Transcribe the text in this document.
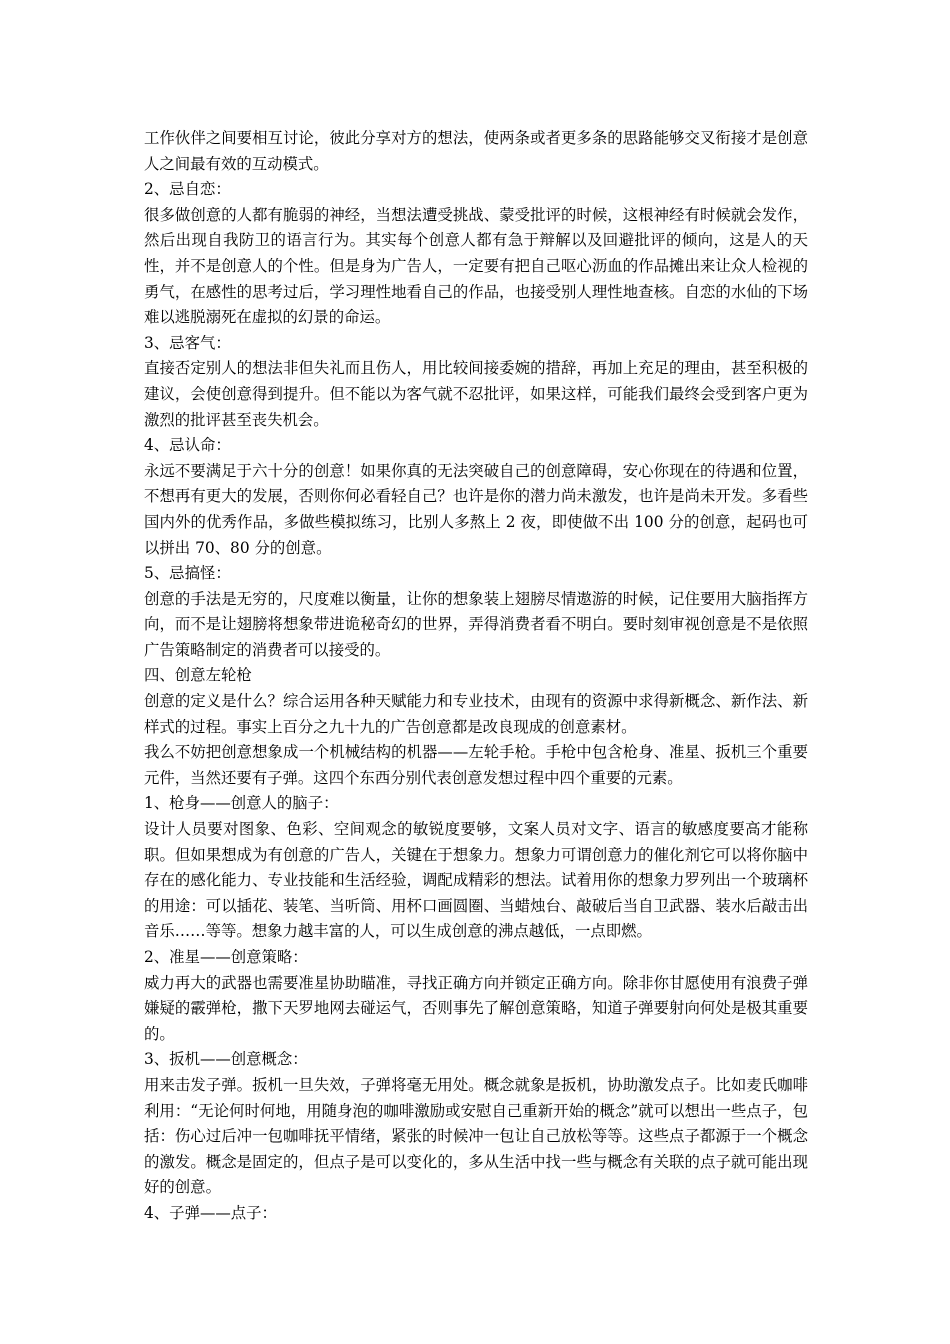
工作伙伴之间要相互讨论，彼此分享对方的想法，使两条或者更多条的思路能够交叉衔接才是创意人之间最有效的互动模式。

2、忌自恋：

很多做创意的人都有脆弱的神经，当想法遭受挑战、蒙受批评的时候，这根神经有时候就会发作，然后出现自我防卫的语言行为。其实每个创意人都有急于辩解以及回避批评的倾向，这是人的天性，并不是创意人的个性。但是身为广告人，一定要有把自己呕心沥血的作品摊出来让众人检视的勇气，在感性的思考过后，学习理性地看自己的作品，也接受别人理性地查核。自恋的水仙的下场难以逃脱溺死在虚拟的幻景的命运。

3、忌客气：

直接否定别人的想法非但失礼而且伤人，用比较间接委婉的措辞，再加上充足的理由，甚至积极的建议，会使创意得到提升。但不能以为客气就不忍批评，如果这样，可能我们最终会受到客户更为激烈的批评甚至丧失机会。

4、忌认命：

永远不要满足于六十分的创意！如果你真的无法突破自己的创意障碍，安心你现在的待遇和位置，不想再有更大的发展，否则你何必看轻自己？也许是你的潜力尚未激发，也许是尚未开发。多看些国内外的优秀作品，多做些模拟练习，比别人多熬上 2 夜，即使做不出 100 分的创意，起码也可以拼出 70、80 分的创意。

5、忌搞怪：

创意的手法是无穷的，尺度难以衡量，让你的想象装上翅膀尽情遨游的时候，记住要用大脑指挥方向，而不是让翅膀将想象带进诡秘奇幻的世界，弄得消费者看不明白。要时刻审视创意是不是依照广告策略制定的消费者可以接受的。

四、创意左轮枪

创意的定义是什么？综合运用各种天赋能力和专业技术，由现有的资源中求得新概念、新作法、新样式的过程。事实上百分之九十九的广告创意都是改良现成的创意素材。

我么不妨把创意想象成一个机械结构的机器——左轮手枪。手枪中包含枪身、准星、扳机三个重要元件，当然还要有子弹。这四个东西分别代表创意发想过程中四个重要的元素。

1、枪身——创意人的脑子：

设计人员要对图象、色彩、空间观念的敏锐度要够，文案人员对文字、语言的敏感度要高才能称职。但如果想成为有创意的广告人，关键在于想象力。想象力可谓创意力的催化剂它可以将你脑中存在的感化能力、专业技能和生活经验，调配成精彩的想法。试着用你的想象力罗列出一个玻璃杯的用途：可以插花、装笔、当听筒、用杯口画圆圈、当蜡烛台、敲破后当自卫武器、装水后敲击出音乐……等等。想象力越丰富的人，可以生成创意的沸点越低，一点即燃。

2、准星——创意策略：

威力再大的武器也需要准星协助瞄准，寻找正确方向并锁定正确方向。除非你甘愿使用有浪费子弹嫌疑的霰弹枪，撒下天罗地网去碰运气，否则事先了解创意策略，知道子弹要射向何处是极其重要的。

3、扳机——创意概念：

用来击发子弹。扳机一旦失效，子弹将毫无用处。概念就象是扳机，协助激发点子。比如麦氏咖啡利用：“无论何时何地，用随身泡的咖啡激励或安慰自己重新开始的概念”就可以想出一些点子，包括：伤心过后冲一包咖啡抚平情绪，紧张的时候冲一包让自己放松等等。这些点子都源于一个概念的激发。概念是固定的，但点子是可以变化的，多从生活中找一些与概念有关联的点子就可能出现好的创意。

4、子弹——点子：
